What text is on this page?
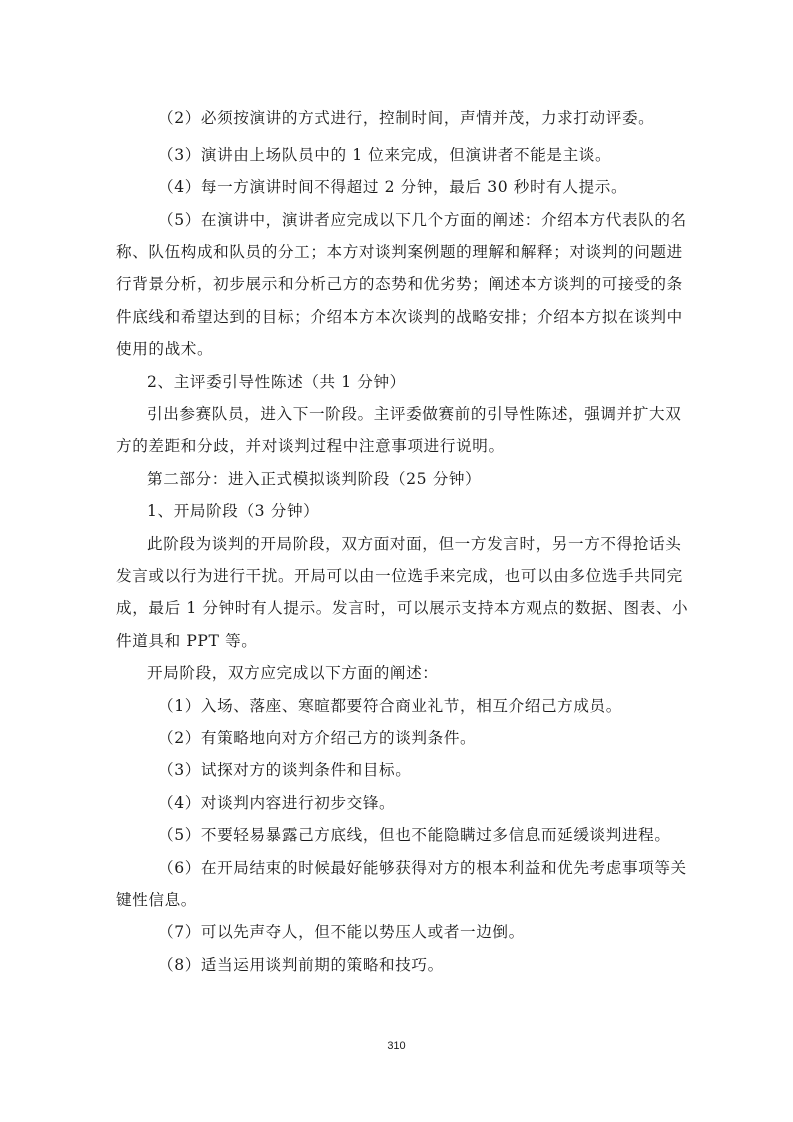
（2）必须按演讲的方式进行，控制时间，声情并茂，力求打动评委。
（3）演讲由上场队员中的 1 位来完成，但演讲者不能是主谈。
（4）每一方演讲时间不得超过 2 分钟，最后 30 秒时有人提示。
（5）在演讲中，演讲者应完成以下几个方面的阐述：介绍本方代表队的名
称、队伍构成和队员的分工；本方对谈判案例题的理解和解释；对谈判的问题进
行背景分析，初步展示和分析己方的态势和优劣势；阐述本方谈判的可接受的条
件底线和希望达到的目标；介绍本方本次谈判的战略安排；介绍本方拟在谈判中
使用的战术。
2、主评委引导性陈述（共 1 分钟）
引出参赛队员，进入下一阶段。主评委做赛前的引导性陈述，强调并扩大双
方的差距和分歧，并对谈判过程中注意事项进行说明。
第二部分：进入正式模拟谈判阶段（25 分钟）
1、开局阶段（3 分钟）
此阶段为谈判的开局阶段，双方面对面，但一方发言时，另一方不得抢话头
发言或以行为进行干扰。开局可以由一位选手来完成，也可以由多位选手共同完
成，最后 1 分钟时有人提示。发言时，可以展示支持本方观点的数据、图表、小
件道具和 PPT 等。
开局阶段，双方应完成以下方面的阐述：
（1）入场、落座、寒暄都要符合商业礼节，相互介绍己方成员。
（2）有策略地向对方介绍己方的谈判条件。
（3）试探对方的谈判条件和目标。
（4）对谈判内容进行初步交锋。
（5）不要轻易暴露己方底线，但也不能隐瞒过多信息而延缓谈判进程。
（6）在开局结束的时候最好能够获得对方的根本利益和优先考虑事项等关
键性信息。
（7）可以先声夺人，但不能以势压人或者一边倒。
（8）适当运用谈判前期的策略和技巧。
310
